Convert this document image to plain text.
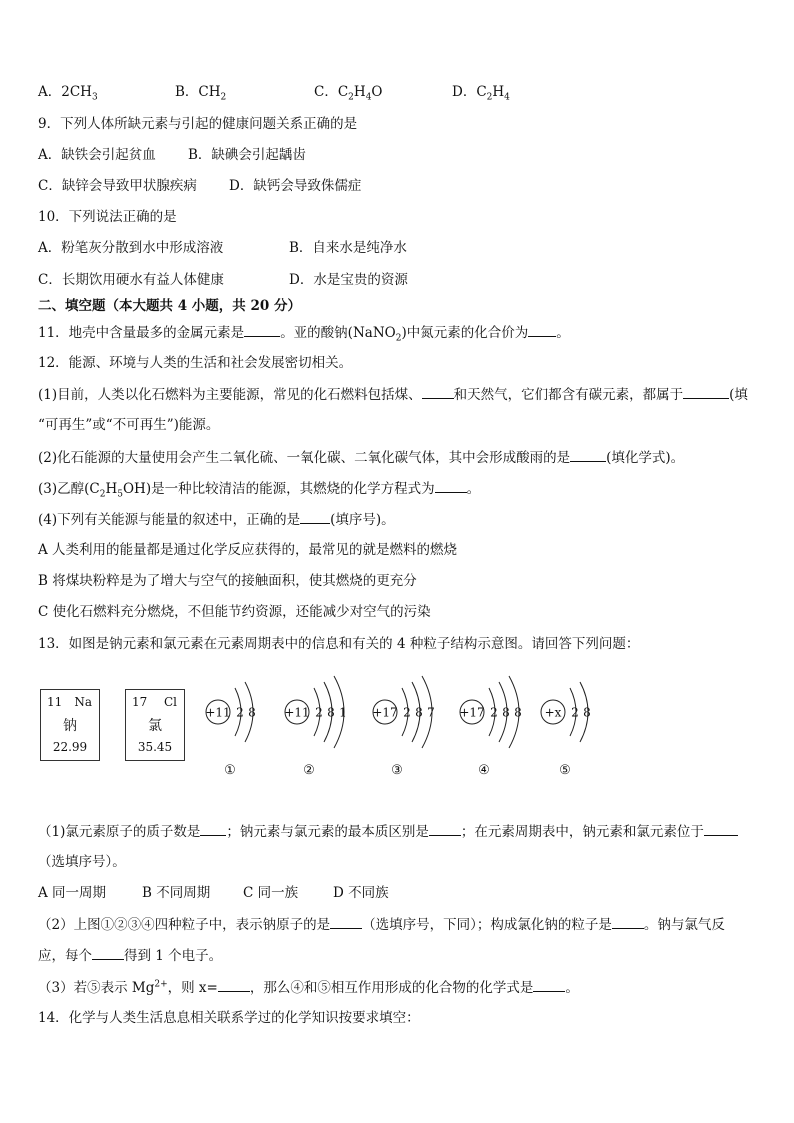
A．$2CH_3$	B．$CH_2$	C．$C_2H_4O$	D．$C_2H_4$
9．下列人体所缺元素与引起的健康问题关系正确的是
A．缺铁会引起贫血 B．缺碘会引起龋齿
C．缺锌会导致甲状腺疾病 D．缺钙会导致侏儒症
10．下列说法正确的是
A．粉笔灰分散到水中形成溶液	B．自来水是纯净水
C．长期饮用硬水有益人体健康	D．水是宝贵的资源
二、填空题（本大题共 4 小题，共 20 分）
11．地壳中含量最多的金属元素是	。亚的酸钠(NaNO$_2$)中氮元素的化合价为 。
12．能源、环境与人类的生活和社会发展密切相关。
(1)目前，人类以化石燃料为主要能源，常见的化石燃料包括煤、 和天然气，它们都含有碳元素，都属于	(填
“可再生”或“不可再生”)能源。
(2)化石能源的大量使用会产生二氧化硫、一氧化碳、二氧化碳气体，其中会形成酸雨的是	(填化学式)。
(3)乙醇$(C_2H_5OH)$是一种比较清洁的能源，其燃烧的化学方程式为 。
(4)下列有关能源与能量的叙述中，正确的是 (填序号)。
A 人类利用的能量都是通过化学反应获得的，最常见的就是燃料的燃烧
B 将煤块粉粹是为了增大与空气的接触面积，使其燃烧的更充分
C 使化石燃料充分燃烧，不但能节约资源，还能减少对空气的污染
13．如图是钠元素和氯元素在元素周期表中的信息和有关的 4 种粒子结构示意图。请回答下列问题：
11 Na
钠
22.99
17 Cl
氯
35.45
+11 2 8
①
+11 2 8 1
②
+17 2 8 7
③
+17 2 8 8
④
+x 2 8
⑤
（1)氯元素原子的质子数是 ；钠元素与氯元素的最本质区别是 ；在元素周期表中，钠元素和氯元素位于
（选填序号）。
A 同一周期	B 不同周期 C 同一族	D 不同族
（2）上图①②③④四种粒子中，表示钠原子的是 （选填序号，下同）；构成氯化钠的粒子是 。钠与氯气反
应，每个 得到 1 个电子。
（3）若⑤表示 $Mg^{2+}$，则 x= ，那么④和⑤相互作用形成的化合物的化学式是 。
14．化学与人类生活息息相关联系学过的化学知识按要求填空：
